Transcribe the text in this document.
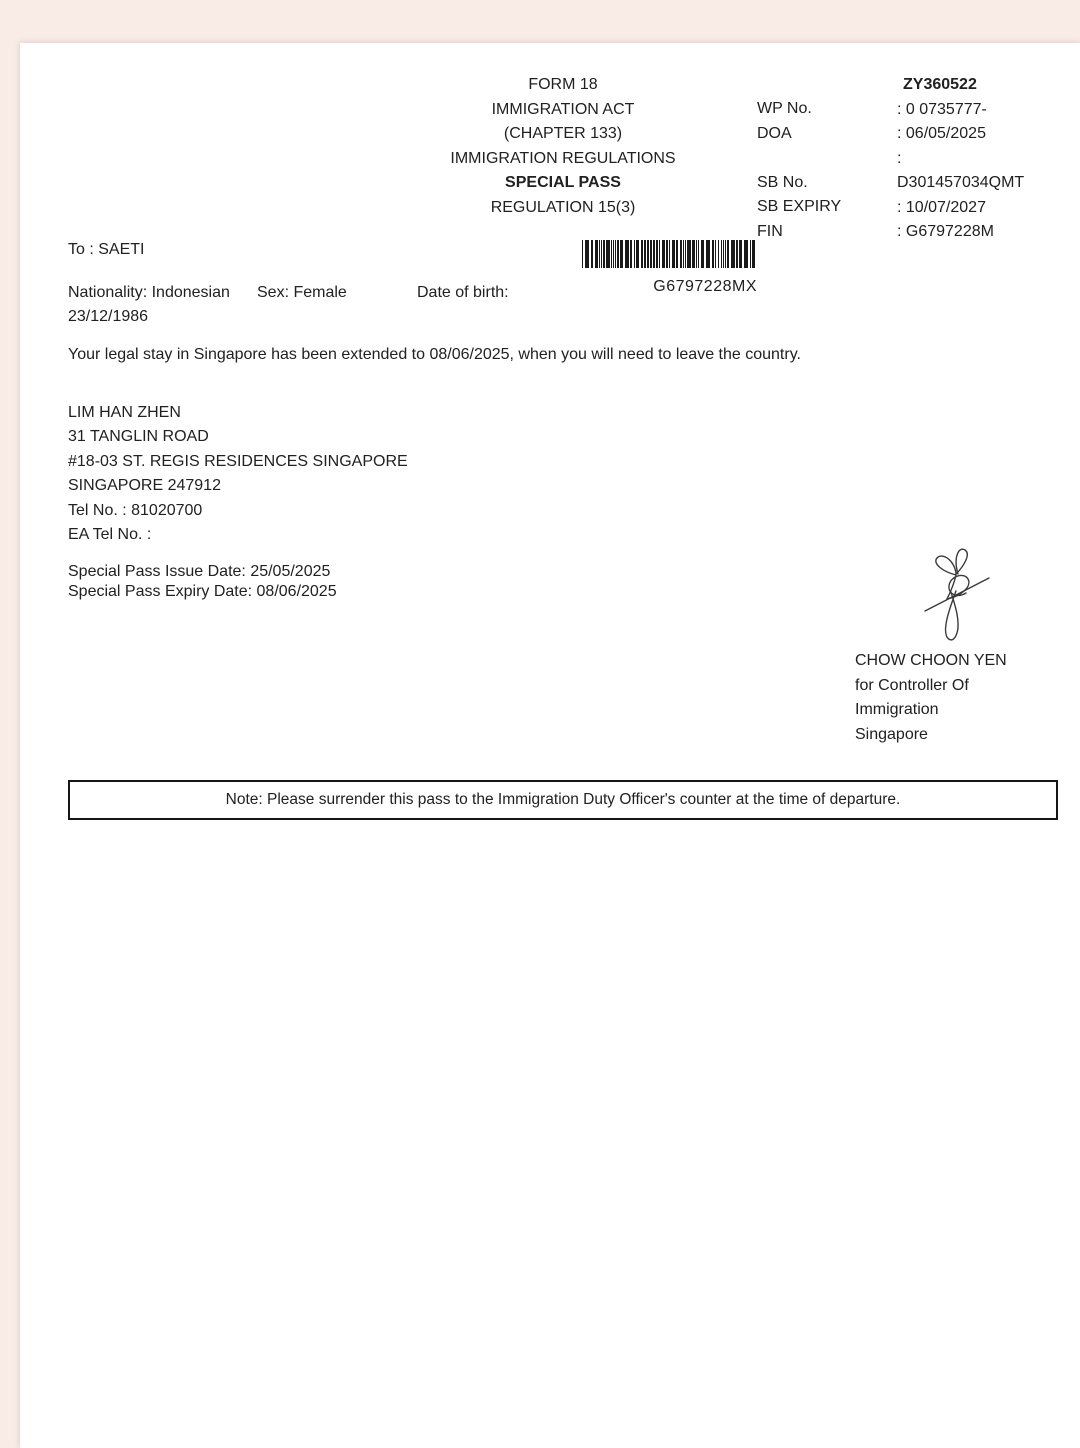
FORM 18
IMMIGRATION ACT
(CHAPTER 133)
IMMIGRATION REGULATIONS
SPECIAL PASS
REGULATION 15(3)
WP No.
DOA
SB No.
SB EXPIRY
FIN
ZY360522
: 0 0735777-
: 06/05/2025
:
D301457034QMT
: 10/07/2027
: G6797228M
G6797228MX
To : SAETI
Nationality: Indonesian Sex: Female	Date of birth:
23/12/1986
Your legal stay in Singapore has been extended to 08/06/2025, when you will need to leave the country.
LIM HAN ZHEN
31 TANGLIN ROAD
#18-03 ST. REGIS RESIDENCES SINGAPORE
SINGAPORE 247912
Tel No. : 81020700
EA Tel No. :
Special Pass Issue Date: 25/05/2025
Special Pass Expiry Date: 08/06/2025
CHOW CHOON YEN
for Controller Of
Immigration
Singapore
Note: Please surrender this pass to the Immigration Duty Officer's counter at the time of departure.
